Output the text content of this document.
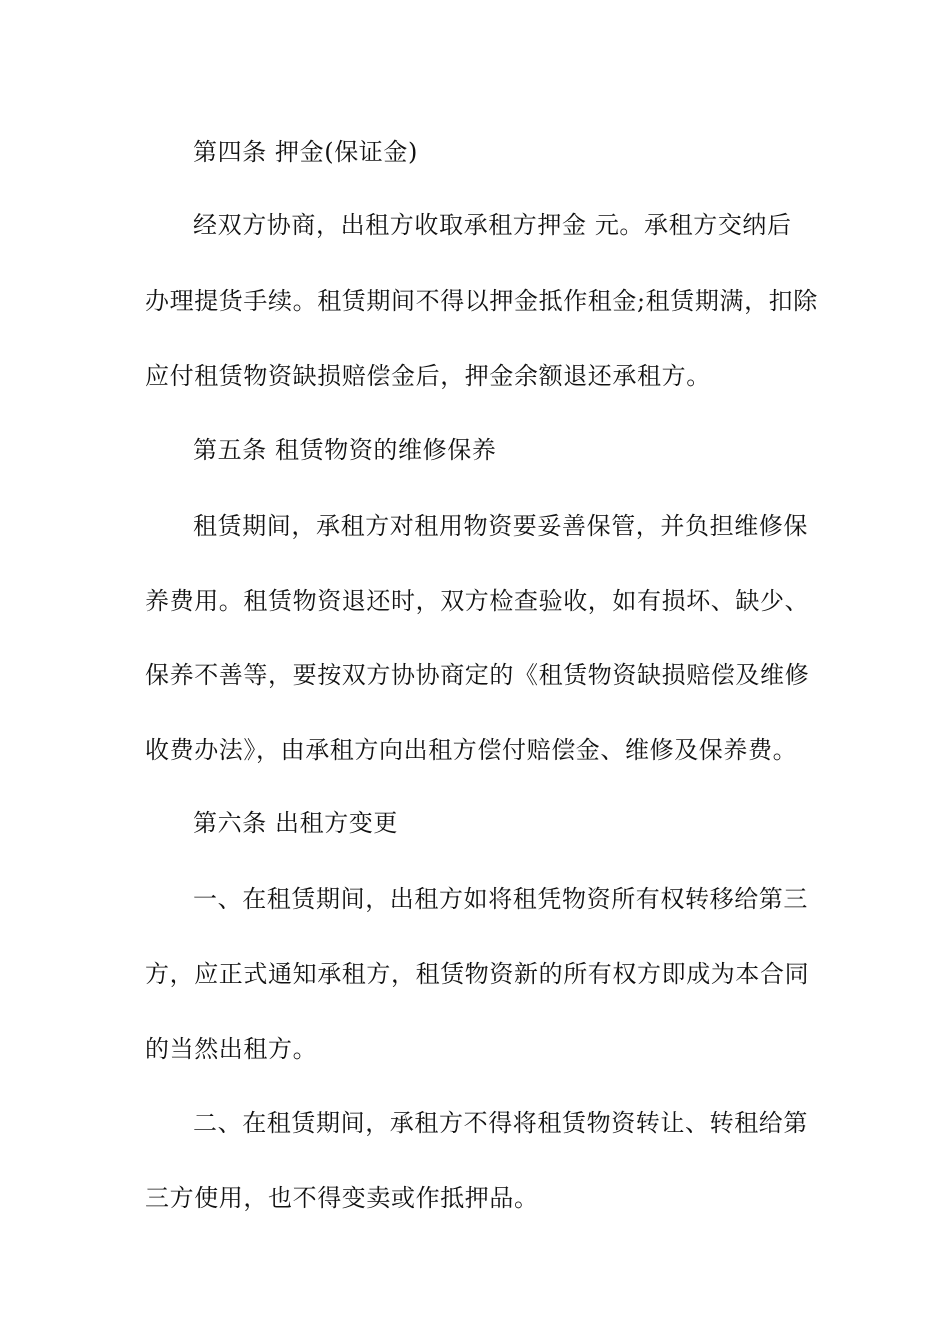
第四条 押金(保证金)
经双方协商，出租方收取承租方押金 元。承租方交纳后
办理提货手续。租赁期间不得以押金抵作租金;租赁期满，扣除
应付租赁物资缺损赔偿金后，押金余额退还承租方。
第五条 租赁物资的维修保养
租赁期间，承租方对租用物资要妥善保管，并负担维修保
养费用。租赁物资退还时，双方检查验收，如有损坏、缺少、
保养不善等，要按双方协协商定的《租赁物资缺损赔偿及维修
收费办法》，由承租方向出租方偿付赔偿金、维修及保养费。
第六条 出租方变更
一、在租赁期间，出租方如将租凭物资所有权转移给第三
方，应正式通知承租方，租赁物资新的所有权方即成为本合同
的当然出租方。
二、在租赁期间，承租方不得将租赁物资转让、转租给第
三方使用，也不得变卖或作抵押品。
